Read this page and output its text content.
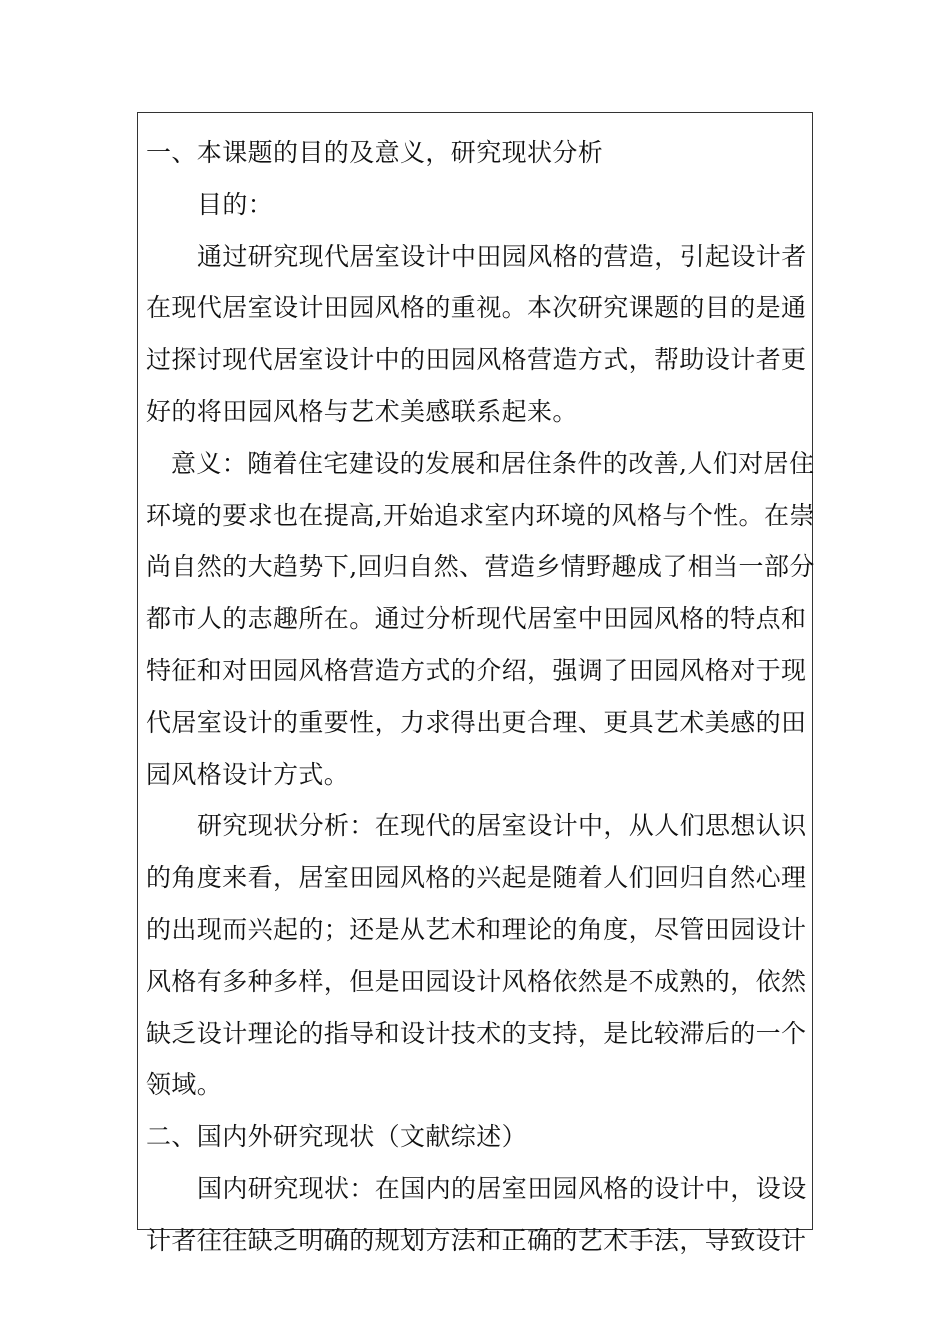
一、本课题的目的及意义，研究现状分析
目的：
通过研究现代居室设计中田园风格的营造，引起设计者
在现代居室设计田园风格的重视。本次研究课题的目的是通
过探讨现代居室设计中的田园风格营造方式，帮助设计者更
好的将田园风格与艺术美感联系起来。
意义：随着住宅建设的发展和居住条件的改善,人们对居住
环境的要求也在提高,开始追求室内环境的风格与个性。在崇
尚自然的大趋势下,回归自然、营造乡情野趣成了相当一部分
都市人的志趣所在。通过分析现代居室中田园风格的特点和
特征和对田园风格营造方式的介绍，强调了田园风格对于现
代居室设计的重要性，力求得出更合理、更具艺术美感的田
园风格设计方式。
研究现状分析：在现代的居室设计中，从人们思想认识
的角度来看，居室田园风格的兴起是随着人们回归自然心理
的出现而兴起的；还是从艺术和理论的角度，尽管田园设计
风格有多种多样，但是田园设计风格依然是不成熟的，依然
缺乏设计理论的指导和设计技术的支持，是比较滞后的一个
领域。
二、国内外研究现状（文献综述）
国内研究现状：在国内的居室田园风格的设计中，设设
计者往往缺乏明确的规划方法和正确的艺术手法，导致设计
